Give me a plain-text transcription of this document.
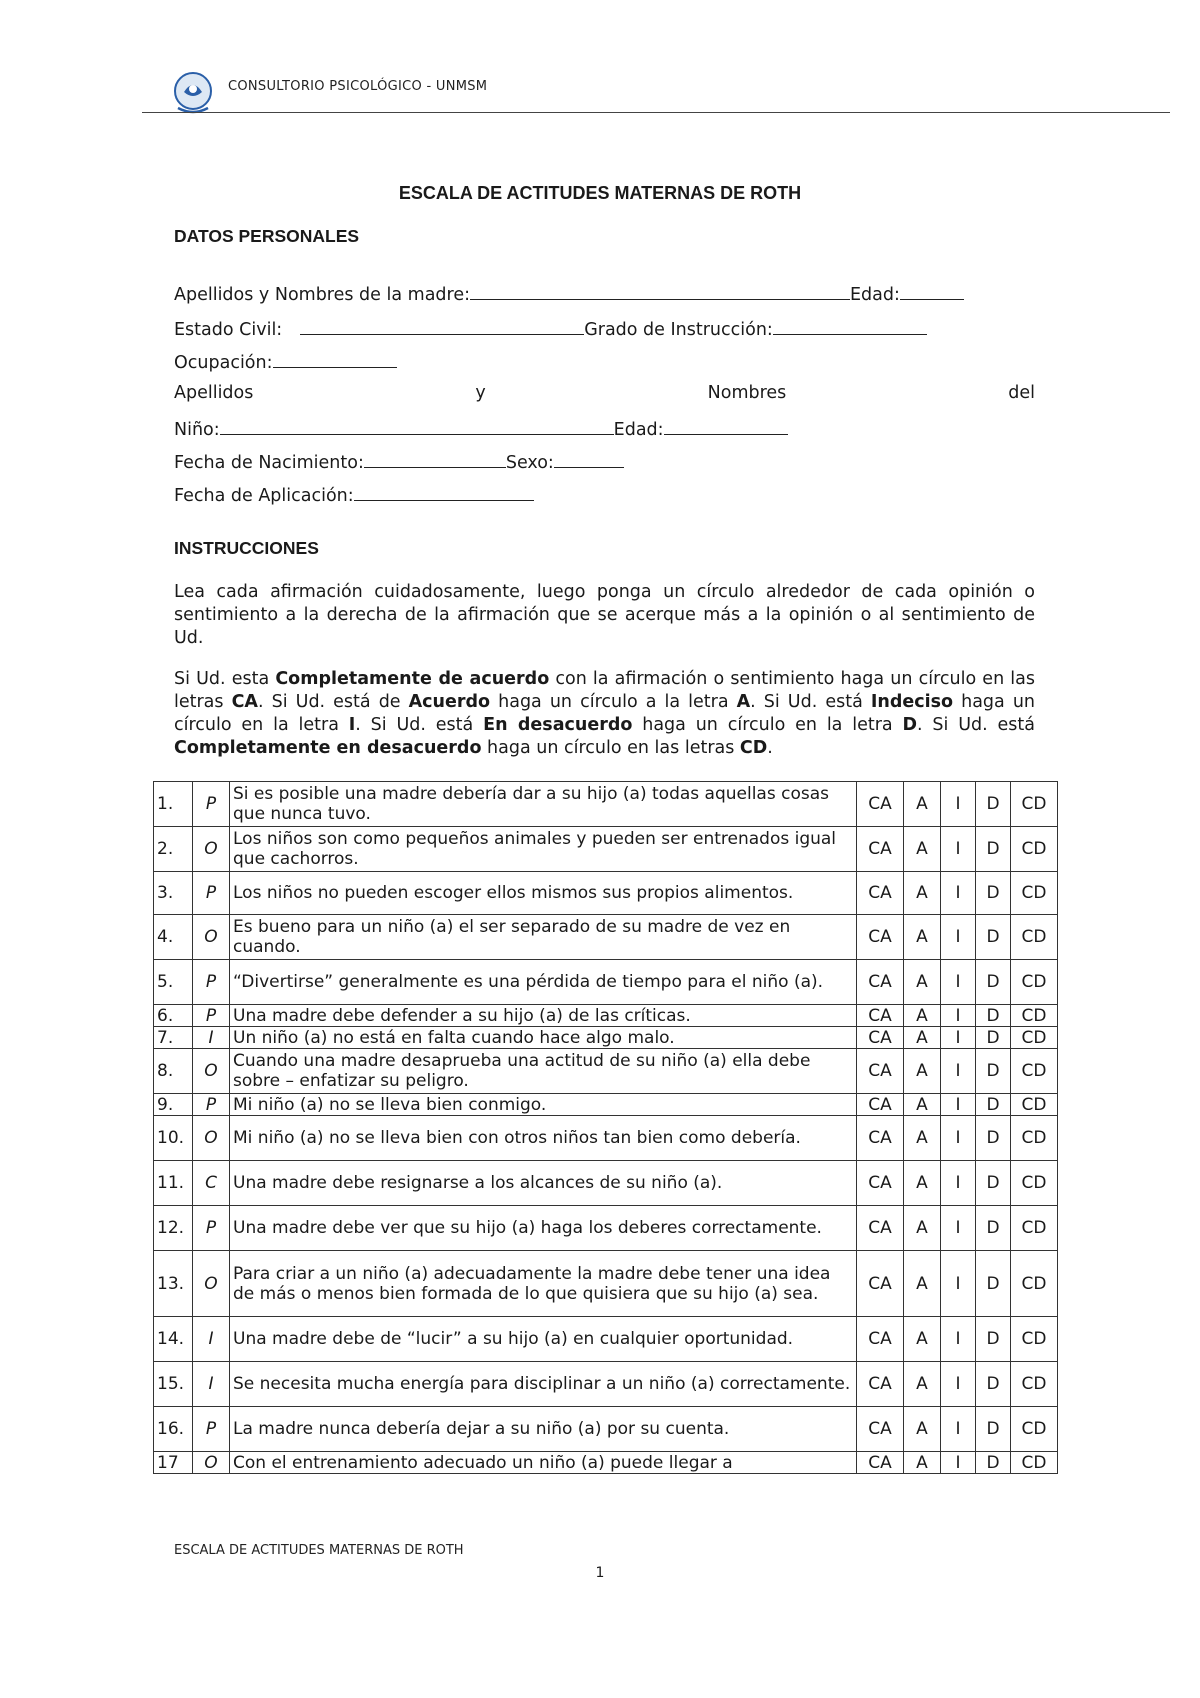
CONSULTORIO PSICOLÓGICO - UNMSM
ESCALA DE ACTITUDES MATERNAS DE ROTH
DATOS PERSONALES
Apellidos y Nombres de la madre:	Edad:
Estado Civil:	Grado de Instrucción:
Ocupación:
Apellidos	y	Nombres	del
Niño:	Edad:
Fecha de Nacimiento:	Sexo:
Fecha de Aplicación:
INSTRUCCIONES
Lea cada afirmación cuidadosamente, luego ponga un círculo alrededor de cada opinión o sentimiento a la derecha de la afirmación que se acerque más a la opinión o al sentimiento de Ud.
Si Ud. esta Completamente de acuerdo con la afirmación o sentimiento haga un círculo en las letras CA. Si Ud. está de Acuerdo haga un círculo a la letra A. Si Ud. está Indeciso haga un círculo en la letra I. Si Ud. está En desacuerdo haga un círculo en la letra D. Si Ud. está Completamente en desacuerdo haga un círculo en las letras CD.
1.	P	Si es posible una madre debería dar a su hijo (a) todas aquellas cosas que nunca tuvo.	CA	A	I	D	CD
2.	O	Los niños son como pequeños animales y pueden ser entrenados igual que cachorros.	CA	A	I	D	CD
3.	P	Los niños no pueden escoger ellos mismos sus propios alimentos.	CA	A	I	D	CD
4.	O	Es bueno para un niño (a) el ser separado de su madre de vez en cuando.	CA	A	I	D	CD
5.	P	“Divertirse” generalmente es una pérdida de tiempo para el niño (a).	CA	A	I	D	CD
6.	P	Una madre debe defender a su hijo (a) de las críticas.	CA	A	I	D	CD
7.	I	Un niño (a) no está en falta cuando hace algo malo.	CA	A	I	D	CD
8.	O	Cuando una madre desaprueba una actitud de su niño (a) ella debe sobre – enfatizar su peligro.	CA	A	I	D	CD
9.	P	Mi niño (a) no se lleva bien conmigo.	CA	A	I	D	CD
10.	O	Mi niño (a) no se lleva bien con otros niños tan bien como debería.	CA	A	I	D	CD
11.	C	Una madre debe resignarse a los alcances de su niño (a).	CA	A	I	D	CD
12.	P	Una madre debe ver que su hijo (a) haga los deberes correctamente.	CA	A	I	D	CD
13.	O	Para criar a un niño (a) adecuadamente la madre debe tener una idea de más o menos bien formada de lo que quisiera que su hijo (a) sea.	CA	A	I	D	CD
14.	I	Una madre debe de “lucir” a su hijo (a) en cualquier oportunidad.	CA	A	I	D	CD
15.	I	Se necesita mucha energía para disciplinar a un niño (a) correctamente.	CA	A	I	D	CD
16.	P	La madre nunca debería dejar a su niño (a) por su cuenta.	CA	A	I	D	CD
17	O	Con el entrenamiento adecuado un niño (a) puede llegar a	CA	A	I	D	CD
ESCALA DE ACTITUDES MATERNAS DE ROTH
1
